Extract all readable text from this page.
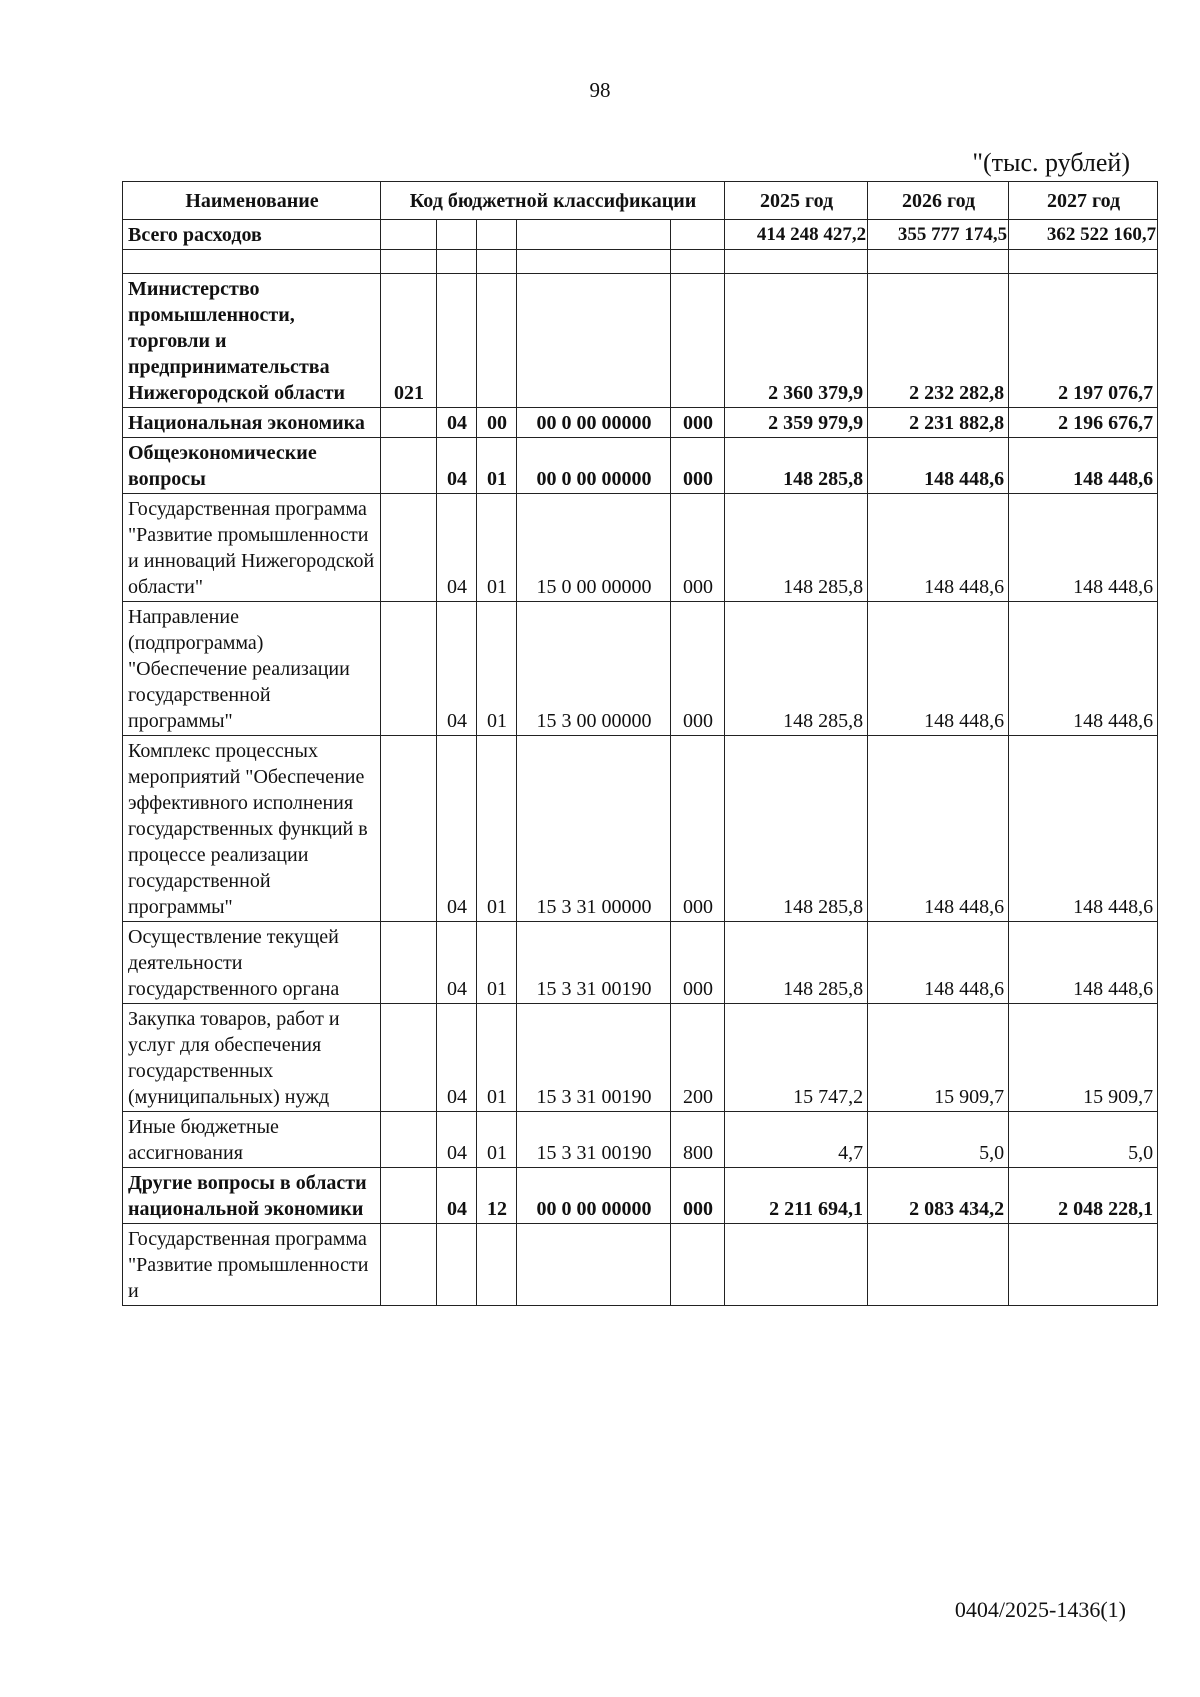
98
"(тыс. рублей)
Наименование	Код бюджетной классификации					2025 год	2026 год	2027 год
Всего расходов						414 248 427,2	355 777 174,5	362 522 160,7

Министерство промышленности, торговли и предпринимательства Нижегородской области	021					2 360 379,9	2 232 282,8	2 197 076,7
Национальная экономика		04	00	00 0 00 00000	000	2 359 979,9	2 231 882,8	2 196 676,7
Общеэкономические вопросы		04	01	00 0 00 00000	000	148 285,8	148 448,6	148 448,6
Государственная программа "Развитие промышленности и инноваций Нижегородской области"		04	01	15 0 00 00000	000	148 285,8	148 448,6	148 448,6
Направление (подпрограмма) "Обеспечение реализации государственной программы"		04	01	15 3 00 00000	000	148 285,8	148 448,6	148 448,6
Комплекс процессных мероприятий "Обеспечение эффективного исполнения государственных функций в процессе реализации государственной программы"		04	01	15 3 31 00000	000	148 285,8	148 448,6	148 448,6
Осуществление текущей деятельности государственного органа		04	01	15 3 31 00190	000	148 285,8	148 448,6	148 448,6
Закупка товаров, работ и услуг для обеспечения государственных (муниципальных) нужд		04	01	15 3 31 00190	200	15 747,2	15 909,7	15 909,7
Иные бюджетные ассигнования		04	01	15 3 31 00190	800	4,7	5,0	5,0
Другие вопросы в области национальной экономики		04	12	00 0 00 00000	000	2 211 694,1	2 083 434,2	2 048 228,1
Государственная программа "Развитие промышленности и								
0404/2025-1436(1)
